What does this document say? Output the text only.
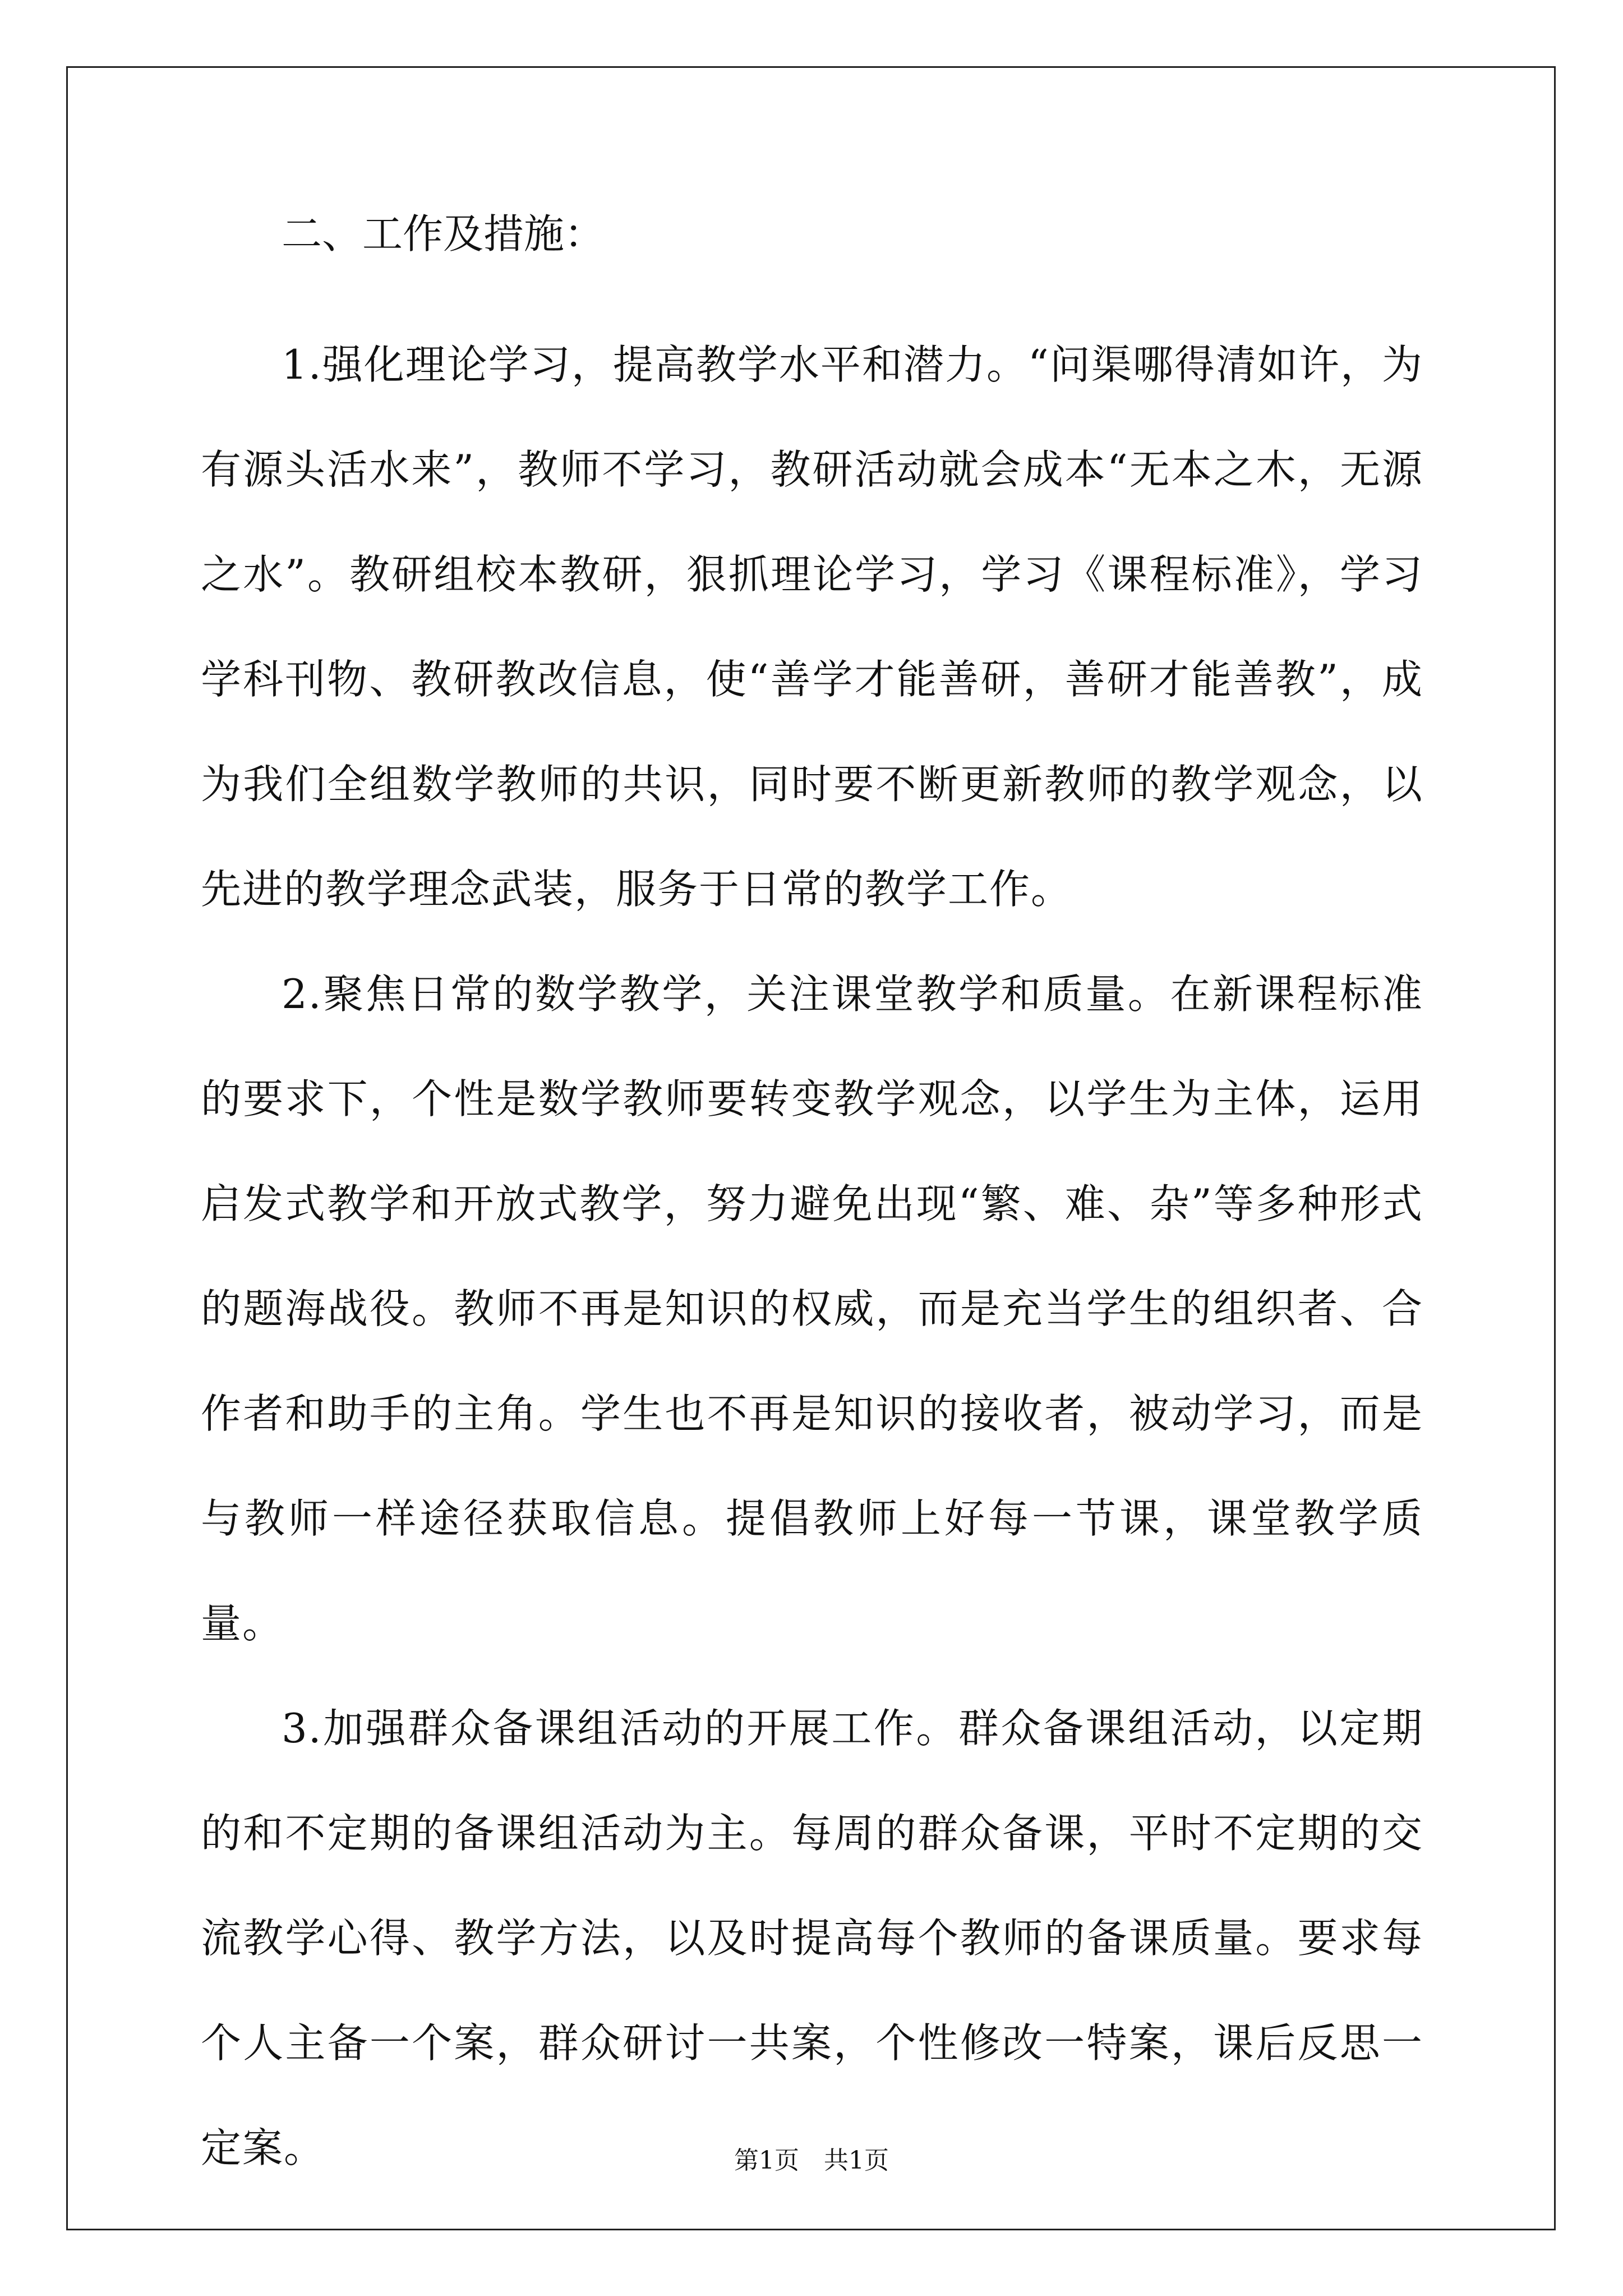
二、工作及措施：

1.强化理论学习，提高教学水平和潜力。“问渠哪得清如许，为有源头活水来”，教师不学习，教研活动就会成本“无本之木，无源之水”。教研组校本教研，狠抓理论学习，学习《课程标准》，学习学科刊物、教研教改信息，使“善学才能善研，善研才能善教”，成为我们全组数学教师的共识，同时要不断更新教师的教学观念，以先进的教学理念武装，服务于日常的教学工作。

2.聚焦日常的数学教学，关注课堂教学和质量。在新课程标准的要求下，个性是数学教师要转变教学观念，以学生为主体，运用启发式教学和开放式教学，努力避免出现“繁、难、杂”等多种形式的题海战役。教师不再是知识的权威，而是充当学生的组织者、合作者和助手的主角。学生也不再是知识的接收者，被动学习，而是与教师一样途径获取信息。提倡教师上好每一节课，课堂教学质量。

3.加强群众备课组活动的开展工作。群众备课组活动，以定期的和不定期的备课组活动为主。每周的群众备课，平时不定期的交流教学心得、教学方法，以及时提高每个教师的备课质量。要求每个人主备一个案，群众研讨一共案，个性修改一特案，课后反思一定案。	第1页　共1页
